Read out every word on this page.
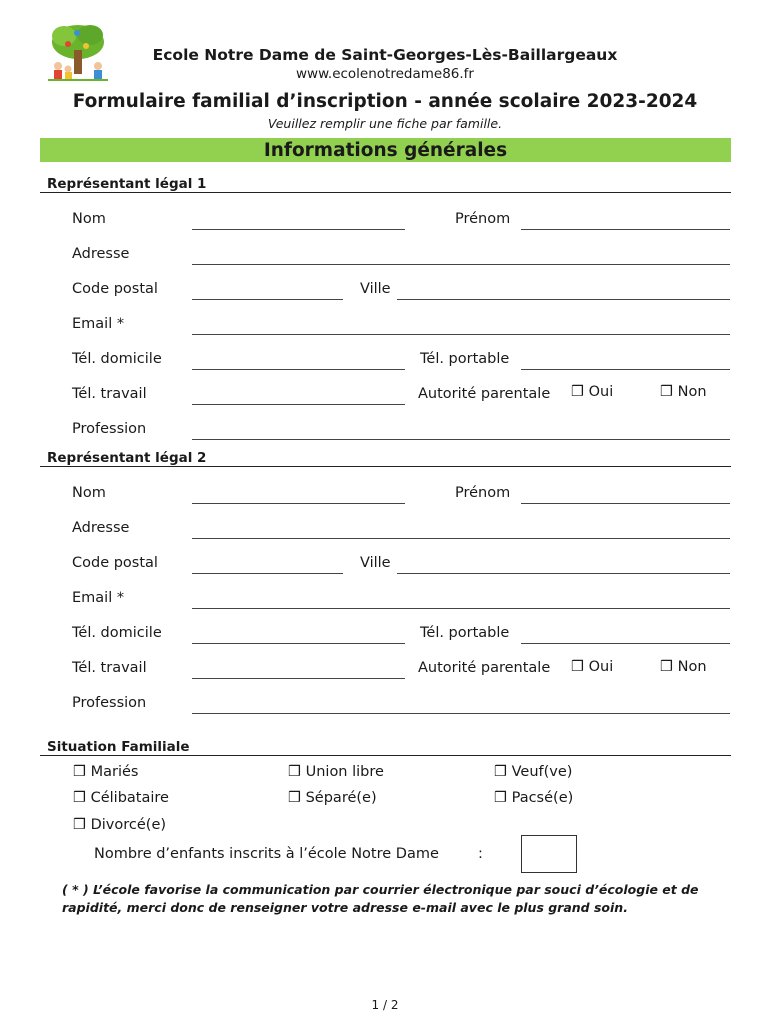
Ecole Notre Dame de Saint-Georges-Lès-Baillargeaux
www.ecolenotredame86.fr
Formulaire familial d’inscription - année scolaire 2023-2024
Veuillez remplir une fiche par famille.
Informations générales
Représentant légal 1
Nom	Prénom
Adresse
Code postal	Ville
Email *
Tél. domicile	Tél. portable
Tél. travail	Autorité parentale ❒ Oui	❒ Non
Profession
Représentant légal 2
Nom	Prénom
Adresse
Code postal	Ville
Email *
Tél. domicile	Tél. portable
Tél. travail	Autorité parentale ❒ Oui	❒ Non
Profession
Situation Familiale
❒ Mariés	❒ Union libre	❒ Veuf(ve)
❒ Célibataire	❒ Séparé(e)	❒ Pacsé(e)
❒ Divorcé(e)
Nombre d’enfants inscrits à l’école Notre Dame	:
( * ) L’école favorise la communication par courrier électronique par souci d’écologie et de rapidité, merci donc de renseigner votre adresse e-mail avec le plus grand soin.
1 / 2
